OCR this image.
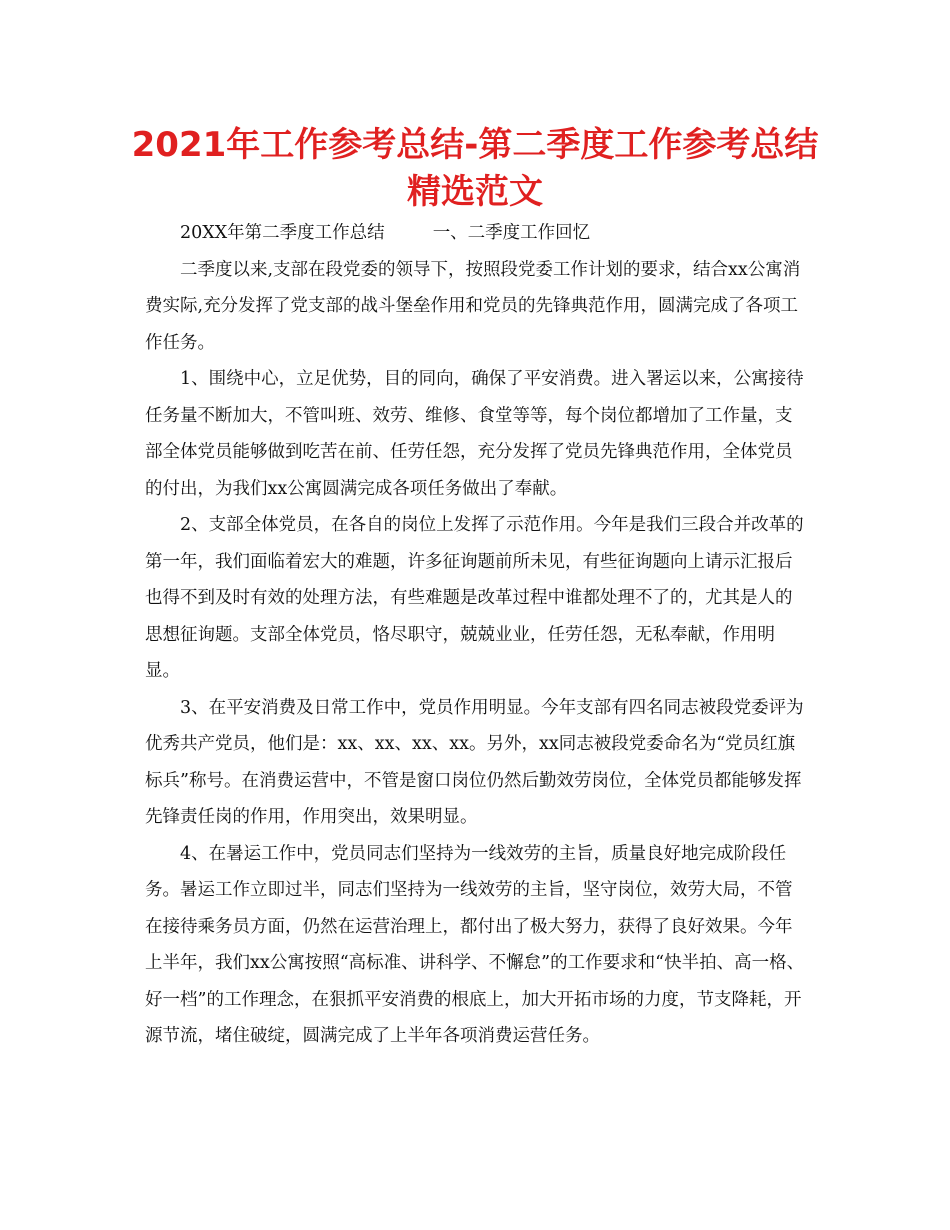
2021年工作参考总结-第二季度工作参考总结精选范文
20XX年第二季度工作总结	一、二季度工作回忆

二季度以来,支部在段党委的领导下，按照段党委工作计划的要求，结合xx公寓消费实际,充分发挥了党支部的战斗堡垒作用和党员的先锋典范作用，圆满完成了各项工作任务。

1、围绕中心，立足优势，目的同向，确保了平安消费。进入署运以来，公寓接待任务量不断加大，不管叫班、效劳、维修、食堂等等，每个岗位都增加了工作量，支部全体党员能够做到吃苦在前、任劳任怨，充分发挥了党员先锋典范作用，全体党员的付出，为我们xx公寓圆满完成各项任务做出了奉献。

2、支部全体党员，在各自的岗位上发挥了示范作用。今年是我们三段合并改革的第一年，我们面临着宏大的难题，许多征询题前所未见，有些征询题向上请示汇报后也得不到及时有效的处理方法，有些难题是改革过程中谁都处理不了的，尤其是人的思想征询题。支部全体党员，恪尽职守，兢兢业业，任劳任怨，无私奉献，作用明显。

3、在平安消费及日常工作中，党员作用明显。今年支部有四名同志被段党委评为优秀共产党员，他们是：xx、xx、xx、xx。另外，xx同志被段党委命名为“党员红旗标兵”称号。在消费运营中，不管是窗口岗位仍然后勤效劳岗位，全体党员都能够发挥先锋责任岗的作用，作用突出，效果明显。

4、在暑运工作中，党员同志们坚持为一线效劳的主旨，质量良好地完成阶段任务。暑运工作立即过半，同志们坚持为一线效劳的主旨，坚守岗位，效劳大局，不管在接待乘务员方面，仍然在运营治理上，都付出了极大努力，获得了良好效果。今年上半年，我们xx公寓按照“高标准、讲科学、不懈怠”的工作要求和“快半拍、高一格、好一档”的工作理念，在狠抓平安消费的根底上，加大开拓市场的力度，节支降耗，开源节流，堵住破绽，圆满完成了上半年各项消费运营任务。
